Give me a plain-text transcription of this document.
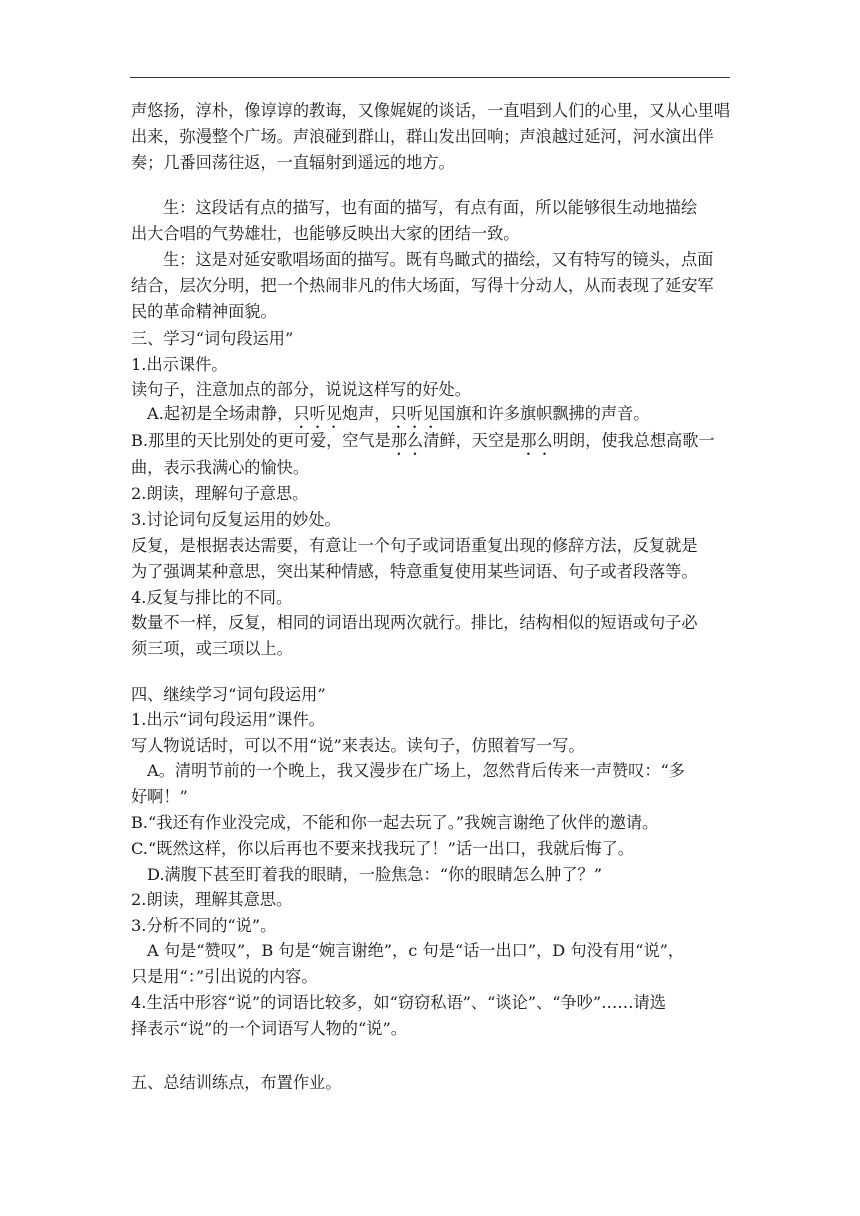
声悠扬，淳朴，像谆谆的教诲，又像娓娓的谈话，一直唱到人们的心里，又从心里唱
出来，弥漫整个广场。声浪碰到群山，群山发出回响；声浪越过延河，河水演出伴
奏；几番回荡往返，一直辐射到遥远的地方。
生：这段话有点的描写，也有面的描写，有点有面，所以能够很生动地描绘
出大合唱的气势雄壮，也能够反映出大家的团结一致。
生：这是对延安歌唱场面的描写。既有鸟瞰式的描绘，又有特写的镜头，点面
结合，层次分明，把一个热闹非凡的伟大场面，写得十分动人，从而表现了延安军
民的革命精神面貌。
三、学习“词句段运用”
1.出示课件。
读句子，注意加点的部分，说说这样写的好处。
A.起初是全场肃静，只听见炮声，只听见国旗和许多旗帜飘拂的声音。
B.那里的天比别处的更可爱，空气是那么清鲜，天空是那么明朗，使我总想高歌一
曲，表示我满心的愉快。
2.朗读，理解句子意思。
3.讨论词句反复运用的妙处。
反复，是根据表达需要，有意让一个句子或词语重复出现的修辞方法，反复就是
为了强调某种意思，突出某种情感，特意重复使用某些词语、句子或者段落等。
4.反复与排比的不同。
数量不一样，反复，相同的词语出现两次就行。排比，结构相似的短语或句子必
须三项，或三项以上。
四、继续学习“词句段运用”
1.出示“词句段运用”课件。
写人物说话时，可以不用“说”来表达。读句子，仿照着写一写。
A。清明节前的一个晚上，我又漫步在广场上，忽然背后传来一声赞叹：“多
好啊！”
B.“我还有作业没完成，不能和你一起去玩了。”我婉言谢绝了伙伴的邀请。
C.“既然这样，你以后再也不要来找我玩了！”话一出口，我就后悔了。
D.满腹下甚至盯着我的眼睛，一脸焦急：“你的眼睛怎么肿了？”
2.朗读，理解其意思。
3.分析不同的“说”。
A 句是“赞叹”，B 句是“婉言谢绝”，c 句是“话一出口”，D 句没有用“说”，
只是用“：”引出说的内容。
4.生活中形容“说”的词语比较多，如“窃窃私语”、“谈论”、“争吵”……请选
择表示“说”的一个词语写人物的“说”。
五、总结训练点，布置作业。
